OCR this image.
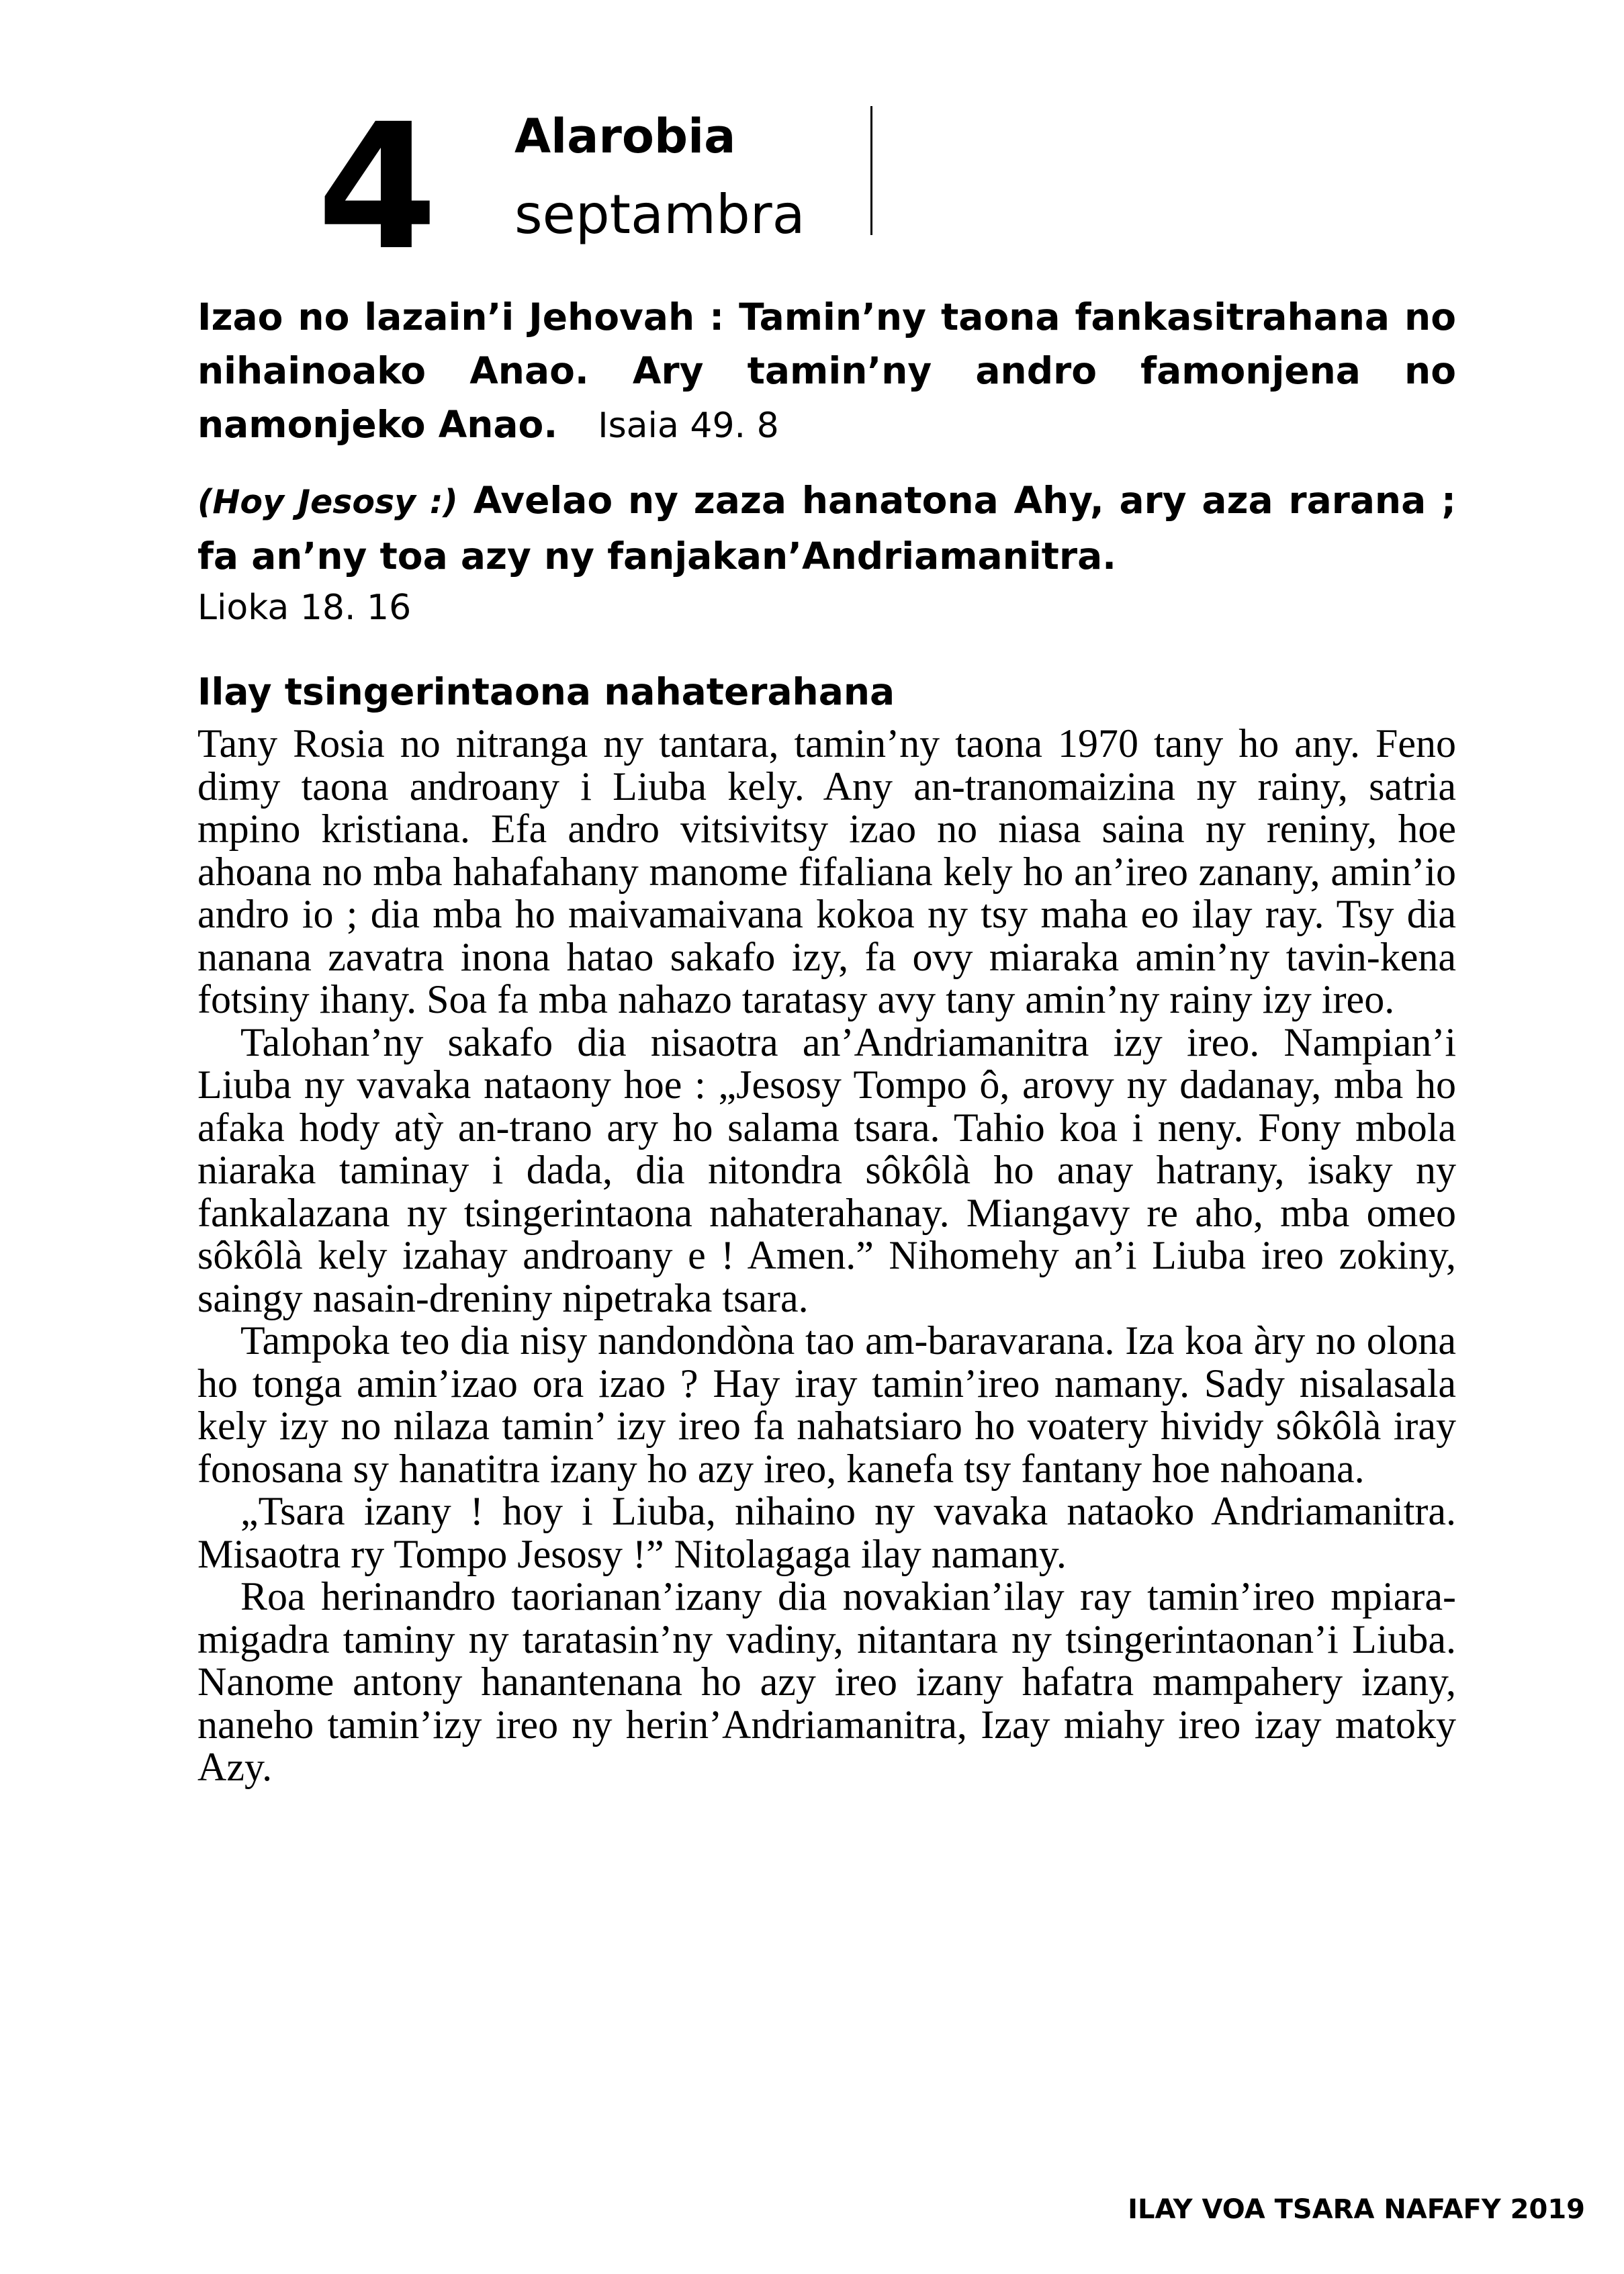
4 Alarobia
septambra

Izao no lazain’i Jehovah : Tamin’ny taona fankasitrahana no nihainoako Anao. Ary tamin’ny andro famonjena no namonjeko Anao. Isaia 49. 8

(Hoy Jesosy :) Avelao ny zaza hanatona Ahy, ary aza rarana ; fa an’ny toa azy ny fanjakan’Andriamanitra.
Lioka 18. 16

Ilay tsingerintaona nahaterahana

Tany Rosia no nitranga ny tantara, tamin’ny taona 1970 tany ho any. Feno dimy taona androany i Liuba kely. Any an-tranomaizina ny rainy, satria mpino kristiana. Efa andro vitsivitsy izao no niasa saina ny reniny, hoe ahoana no mba hahafahany manome fifaliana kely ho an’ireo zanany, amin’io andro io ; dia mba ho maivamaivana kokoa ny tsy maha eo ilay ray. Tsy dia nanana zavatra inona hatao sakafo izy, fa ovy miaraka amin’ny tavin-kena fotsiny ihany. Soa fa mba nahazo taratasy avy tany amin’ny rainy izy ireo.

Talohan’ny sakafo dia nisaotra an’Andriamanitra izy ireo. Nampian’i Liuba ny vavaka nataony hoe : „Jesosy Tompo ô, arovy ny dadanay, mba ho afaka hody atỳ an-trano ary ho salama tsara. Tahio koa i neny. Fony mbola niaraka taminay i dada, dia nitondra sôkôlà ho anay hatrany, isaky ny fankalazana ny tsingerintaona nahaterahanay. Miangavy re aho, mba omeo sôkôlà kely izahay androany e ! Amen.” Nihomehy an’i Liuba ireo zokiny, saingy nasain-dreniny nipetraka tsara.

Tampoka teo dia nisy nandondòna tao am-baravarana. Iza koa àry no olona ho tonga amin’izao ora izao ? Hay iray tamin’ireo namany. Sady nisalasala kely izy no nilaza tamin’ izy ireo fa nahatsiaro ho voatery hividy sôkôlà iray fonosana sy hanatitra izany ho azy ireo, kanefa tsy fantany hoe nahoana.

„Tsara izany ! hoy i Liuba, nihaino ny vavaka nataoko Andriamanitra. Misaotra ry Tompo Jesosy !” Nitolagaga ilay namany.

Roa herinandro taorianan’izany dia novakian’ilay ray tamin’ireo mpiara-migadra taminy ny taratasin’ny vadiny, nitantara ny tsingerintaonan’i Liuba. Nanome antony hanantenana ho azy ireo izany hafatra mampahery izany, naneho tamin’izy ireo ny herin’Andriamanitra, Izay miahy ireo izay matoky Azy.

ILAY VOA TSARA NAFAFY 2019
